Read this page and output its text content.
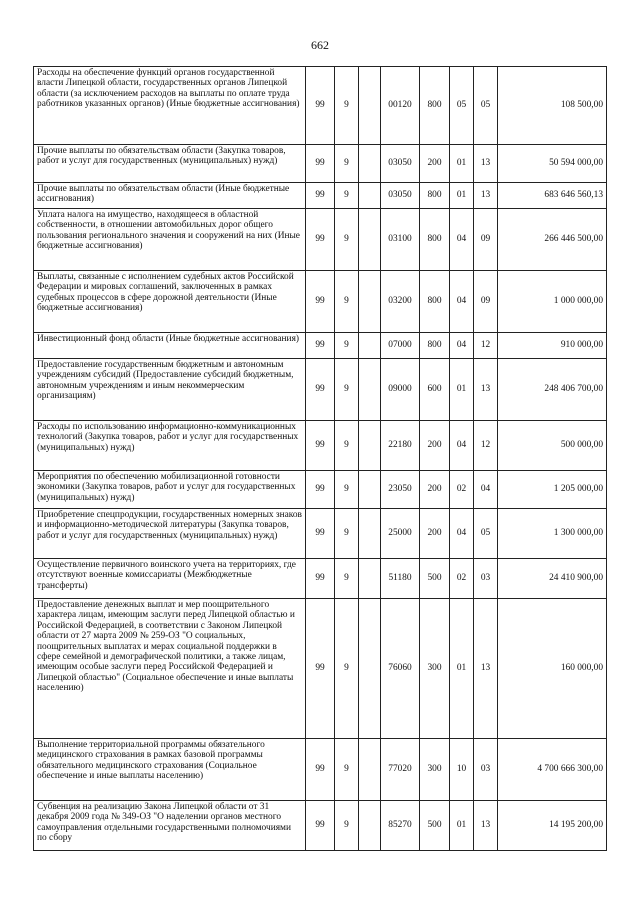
662
Расходы на обеспечение функций органов государственной власти Липецкой области, государственных органов Липецкой области (за исключением расходов на выплаты по оплате труда работников указанных органов) (Иные бюджетные ассигнования)	99	9		00120	800	05	05	108 500,00
Прочие выплаты по обязательствам области (Закупка товаров, работ и услуг для государственных (муниципальных) нужд)	99	9		03050	200	01	13	50 594 000,00
Прочие выплаты по обязательствам области (Иные бюджетные ассигнования)	99	9		03050	800	01	13	683 646 560,13
Уплата налога на имущество, находящееся в областной собственности, в отношении автомобильных дорог общего пользования регионального значения и сооружений на них (Иные бюджетные ассигнования)	99	9		03100	800	04	09	266 446 500,00
Выплаты, связанные с исполнением судебных актов Российской Федерации и мировых соглашений, заключенных в рамках судебных процессов в сфере дорожной деятельности (Иные бюджетные ассигнования)	99	9		03200	800	04	09	1 000 000,00
Инвестиционный фонд области (Иные бюджетные ассигнования)	99	9		07000	800	04	12	910 000,00
Предоставление государственным бюджетным и автономным учреждениям субсидий (Предоставление субсидий бюджетным, автономным учреждениям и иным некоммерческим организациям)	99	9		09000	600	01	13	248 406 700,00
Расходы по использованию информационно-коммуникационных технологий (Закупка товаров, работ и услуг для государственных (муниципальных) нужд)	99	9		22180	200	04	12	500 000,00
Мероприятия по обеспечению мобилизационной готовности экономики (Закупка товаров, работ и услуг для государственных (муниципальных) нужд)	99	9		23050	200	02	04	1 205 000,00
Приобретение спецпродукции, государственных номерных знаков и информационно-методической литературы (Закупка товаров, работ и услуг для государственных (муниципальных) нужд)	99	9		25000	200	04	05	1 300 000,00
Осуществление первичного воинского учета на территориях, где отсутствуют военные комиссариаты (Межбюджетные трансферты)	99	9		51180	500	02	03	24 410 900,00
Предоставление денежных выплат и мер поощрительного характера лицам, имеющим заслуги перед Липецкой областью и Российской Федерацией, в соответствии с Законом Липецкой области от 27 марта 2009 № 259-ОЗ "О социальных, поощрительных выплатах и мерах социальной поддержки в сфере семейной и демографической политики, а также лицам, имеющим особые заслуги перед Российской Федерацией и Липецкой областью" (Социальное обеспечение и иные выплаты населению)	99	9		76060	300	01	13	160 000,00
Выполнение территориальной программы обязательного медицинского страхования в рамках базовой программы обязательного медицинского страхования (Социальное обеспечение и иные выплаты населению)	99	9		77020	300	10	03	4 700 666 300,00
Субвенция на реализацию Закона Липецкой области от 31 декабря 2009 года № 349-ОЗ "О наделении органов местного самоуправления отдельными государственными полномочиями по сбору	99	9		85270	500	01	13	14 195 200,00
